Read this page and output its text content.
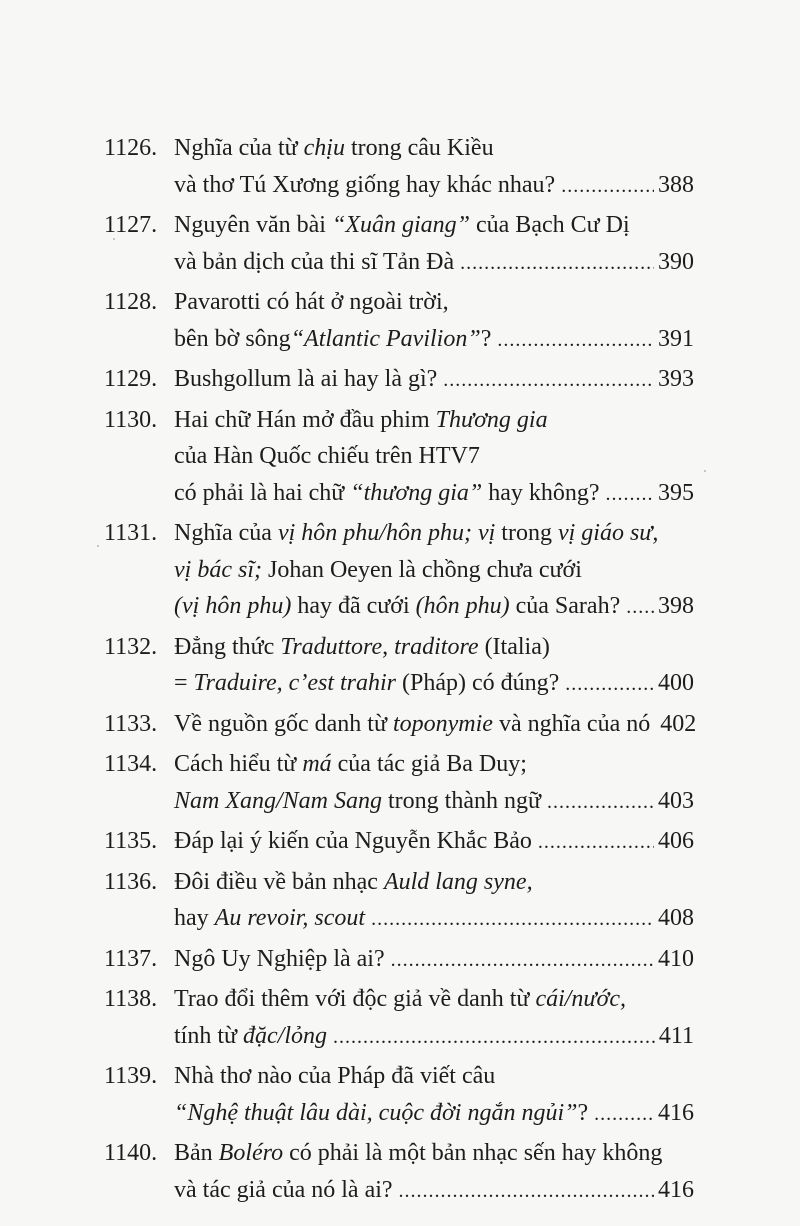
1126. Nghĩa của từ chịu trong câu Kiều
và thơ Tú Xương giống hay khác nhau? .....	388
1127. Nguyên văn bài “Xuân giang” của Bạch Cư Dị
và bản dịch của thi sĩ Tản Đà .....	390
1128. Pavarotti có hát ở ngoài trời,
bên bờ sông“Atlantic Pavilion”? .....	391
1129. Bushgollum là ai hay là gì? .....	393
1130. Hai chữ Hán mở đầu phim Thương gia
của Hàn Quốc chiếu trên HTV7
có phải là hai chữ “thương gia” hay không? ..... 395
1131. Nghĩa của vị hôn phu/hôn phu; vị trong vị giáo sư,
vị bác sĩ; Johan Oeyen là chồng chưa cưới
(vị hôn phu) hay đã cưới (hôn phu) của Sarah? ..... 398
1132. Đẳng thức Traduttore, traditore (Italia)
= Traduire, c’est trahir (Pháp) có đúng? .....	400
1133. Về nguồn gốc danh từ toponymie và nghĩa của nó 402
1134. Cách hiểu từ má của tác giả Ba Duy;
Nam Xang/Nam Sang trong thành ngữ .....	403
1135. Đáp lại ý kiến của Nguyễn Khắc Bảo .....	406
1136. Đôi điều về bản nhạc Auld lang syne,
hay Au revoir, scout .....	408
1137. Ngô Uy Nghiệp là ai? .....	410
1138. Trao đổi thêm với độc giả về danh từ cái/nước,
tính từ đặc/lỏng .....	411
1139. Nhà thơ nào của Pháp đã viết câu
“Nghệ thuật lâu dài, cuộc đời ngắn ngủi”? .....	416
1140. Bản Boléro có phải là một bản nhạc sến hay không
và tác giả của nó là ai? .....	416
